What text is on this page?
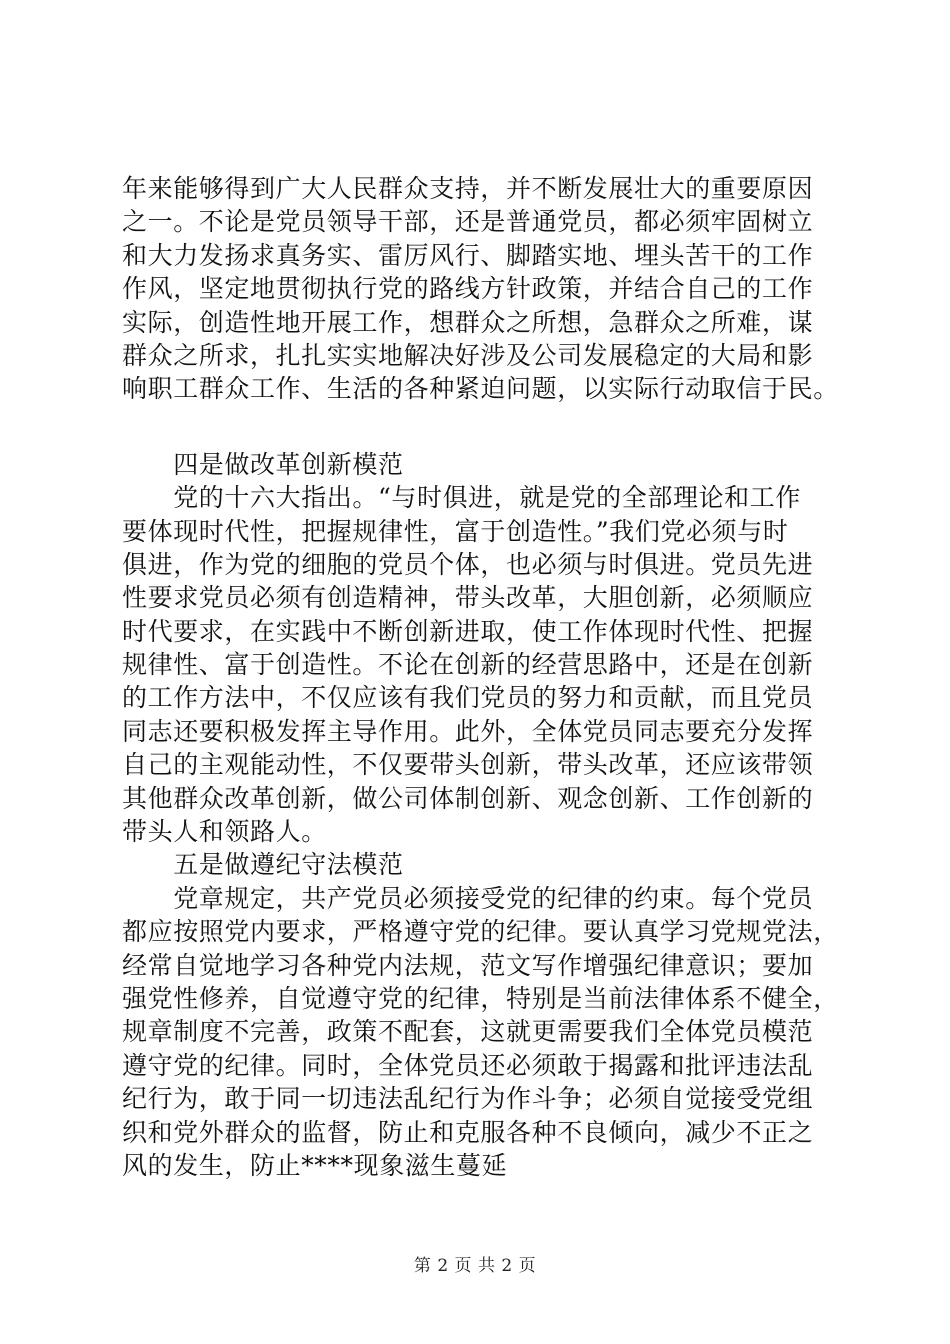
年来能够得到广大人民群众支持，并不断发展壮大的重要原因
之一。不论是党员领导干部，还是普通党员，都必须牢固树立
和大力发扬求真务实、雷厉风行、脚踏实地、埋头苦干的工作
作风，坚定地贯彻执行党的路线方针政策，并结合自己的工作
实际，创造性地开展工作，想群众之所想，急群众之所难，谋
群众之所求，扎扎实实地解决好涉及公司发展稳定的大局和影
响职工群众工作、生活的各种紧迫问题，以实际行动取信于民。
　　四是做改革创新模范
　　党的十六大指出。“与时俱进，就是党的全部理论和工作
要体现时代性，把握规律性，富于创造性。”我们党必须与时
俱进，作为党的细胞的党员个体，也必须与时俱进。党员先进
性要求党员必须有创造精神，带头改革，大胆创新，必须顺应
时代要求，在实践中不断创新进取，使工作体现时代性、把握
规律性、富于创造性。不论在创新的经营思路中，还是在创新
的工作方法中，不仅应该有我们党员的努力和贡献，而且党员
同志还要积极发挥主导作用。此外，全体党员同志要充分发挥
自己的主观能动性，不仅要带头创新，带头改革，还应该带领
其他群众改革创新，做公司体制创新、观念创新、工作创新的
带头人和领路人。
　　五是做遵纪守法模范
　　党章规定，共产党员必须接受党的纪律的约束。每个党员
都应按照党内要求，严格遵守党的纪律。要认真学习党规党法，
经常自觉地学习各种党内法规，范文写作增强纪律意识；要加
强党性修养，自觉遵守党的纪律，特别是当前法律体系不健全，
规章制度不完善，政策不配套，这就更需要我们全体党员模范
遵守党的纪律。同时，全体党员还必须敢于揭露和批评违法乱
纪行为，敢于同一切违法乱纪行为作斗争；必须自觉接受党组
织和党外群众的监督，防止和克服各种不良倾向，减少不正之
风的发生，防止****现象滋生蔓延
第 2 页 共 2 页
